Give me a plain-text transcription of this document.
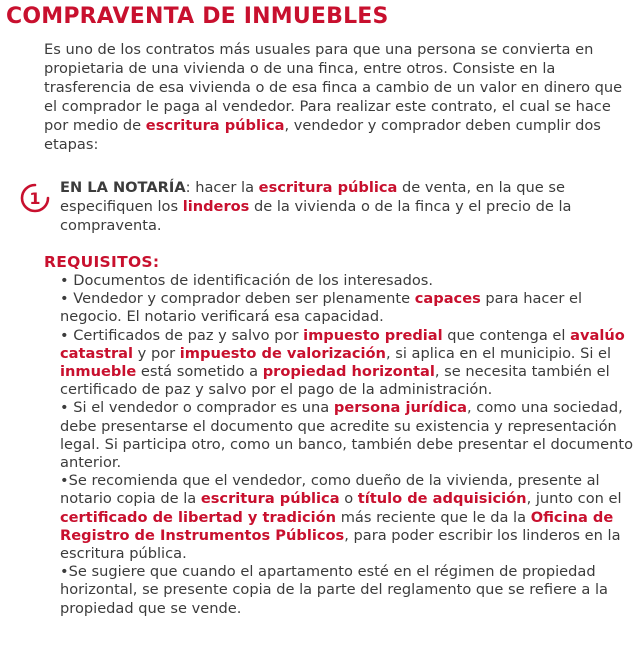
COMPRAVENTA DE INMUEBLES

Es uno de los contratos más usuales para que una persona se convierta en propietaria de una vivienda o de una finca, entre otros. Consiste en la trasferencia de esa vivienda o de esa finca a cambio de un valor en dinero que el comprador le paga al vendedor. Para realizar este contrato, el cual se hace por medio de escritura pública, vendedor y comprador deben cumplir dos etapas:

1

EN LA NOTARÍA: hacer la escritura pública de venta, en la que se especifiquen los linderos de la vivienda o de la finca y el precio de la compraventa.

REQUISITOS:

• Documentos de identificación de los interesados.

• Vendedor y comprador deben ser plenamente capaces para hacer el negocio. El notario verificará esa capacidad.

• Certificados de paz y salvo por impuesto predial que contenga el avalúo catastral y por impuesto de valorización, si aplica en el municipio. Si el inmueble está sometido a propiedad horizontal, se necesita también el certificado de paz y salvo por el pago de la administración.

• Si el vendedor o comprador es una persona jurídica, como una sociedad, debe presentarse el documento que acredite su existencia y representación legal. Si participa otro, como un banco, también debe presentar el documento anterior.

•Se recomienda que el vendedor, como dueño de la vivienda, presente al notario copia de la escritura pública o título de adquisición, junto con el certificado de libertad y tradición más reciente que le da la Oficina de Registro de Instrumentos Públicos, para poder escribir los linderos en la escritura pública.

•Se sugiere que cuando el apartamento esté en el régimen de propiedad horizontal, se presente copia de la parte del reglamento que se refiere a la propiedad que se vende.
